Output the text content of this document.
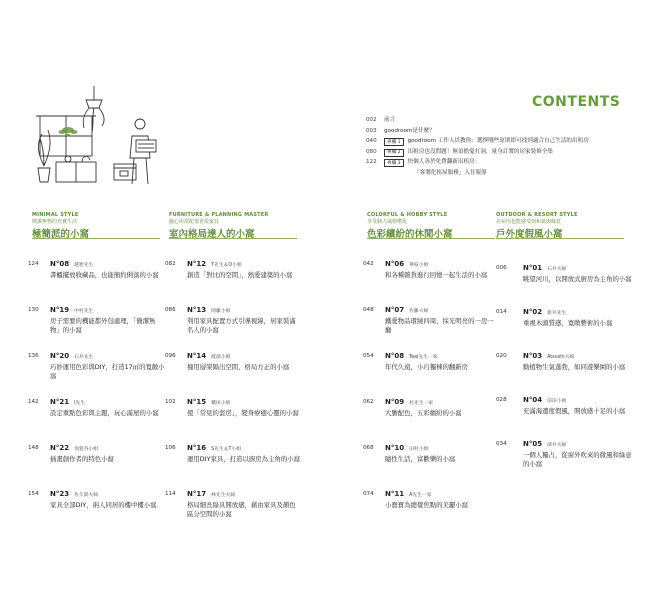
CONTENTS
002	前言
003	goodroom是什麼？
040	專欄 1	goodroom 工作人員教你：選擇哪些原則即可找到適合自己生活的出租房
080	專欄 2	出租房也沒問題！無須擔憂打洞，量身訂製的居家裝修全集
122	專欄 3	快個人善於免費翻新出租房：
「客製化租屋服務」入住報導
MINIMAL STYLE
簡潔無物的充實生活
極簡派的小窩
124 N°08 越智先生
書櫃擺放收藏品，也能簡約俐落的小窩
130 N°19 中村先生
房子需要的機能都外包處理，「簡潔無物」的小窩
136 N°20 石井先生
巧妙運用色彩與DIY，打造17㎡的寬敞小窩
142 N°21 I先生
設定重點色彩與主題，玩心滿屋的小窩
148 N°22 加賀谷小姐
插畫創作者的特色小窩
154 N°23 佐久間夫婦
家具全部DIY，兩人同居的樓中樓小窩
FURNITURE & PLANNING MASTER
隨心所欲配置喜愛家具
室內格局達人的小窩
082 N°12 T先生＆O小姐
創造「對比的空間」，熱愛建築的小窩
086 N°13 岡藤小姐
利用家具配置方式引導視線，居家裝滿名人的小窩
096 N°14 渡部小姐
撞用層架隔出空間，格局方正的小窩
102 N°15 橋田小姐
使「常見的套房」，變身療癒心靈的小窩
106 N°16 S先生＆T小姐
運用DIY家具，打造以廚房為主角的小窩
114 N°17 林先生夫婦
格局細長綠具開放感，藉由家具及顏色區分空間的小窩
COLORFUL & HOBBY STYLE
享受個人風格嗜化
色彩繽紛的休閒小窩
042 N°06 華枝小姐
和各種雜貨進行回憶一起生活的小窩
048 N°07 佐藤夫婦
鐵愛物品環繞四周，採光明亮的一房一廳
054 N°08 Teal先生一家
年代久遠，小巧獨棟的翻新房
062 N°09 村先生一家
大膽配色，五彩繽紛的小窩
068 N°10 田村小姐
隨性生活，富歡樂的小窩
074 N°11 A先生一家
小寶寶為總覺焦點的美麗小窩
OUTDOOR & RESORT STYLE
在屋內也能感受到和風與綠意
戶外度假風小窩
006 N°01 石井夫婦
眺望河川，以開放式廚房為主角的小窩
014 N°02 新井先生
重視木頭質感，寬敞藝術的小窩
020 N°03 Atsushi夫婦
動植物生氣蓬勃，如同遊樂園的小窩
028 N°04 前田小姐
充滿海邊度假風，開放感十足的小窩
034 N°05 澤井夫婦
一個人獨占，從窗外吹來的微風和綠意的小窩
